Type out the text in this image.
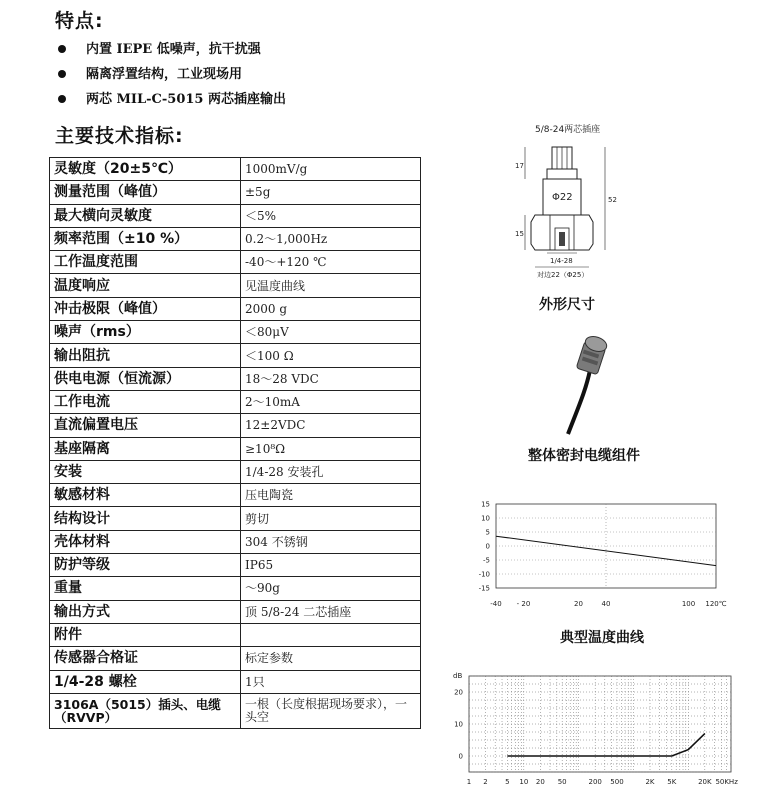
特点:
内置 IEPE 低噪声，抗干扰强
隔离浮置结构，工业现场用
两芯 MIL-C-5015 两芯插座输出
主要技术指标:
灵敏度（20±5℃）	1000mV/g
测量范围（峰值）	±5g
最大横向灵敏度	＜5%
频率范围（±10 %）	0.2～1,000Hz
工作温度范围	-40～+120 ℃
温度响应	见温度曲线
冲击极限（峰值）	2000 g
噪声（rms）	＜80μV
输出阻抗	＜100 Ω
供电电源（恒流源）	18～28 VDC
工作电流	2～10mA
直流偏置电压	12±2VDC
基座隔离	≥10⁸Ω
安装	1/4-28 安装孔
敏感材料	压电陶瓷
结构设计	剪切
壳体材料	304 不锈钢
防护等级	IP65
重量	～90g
输出方式	顶 5/8-24 二芯插座
附件	
传感器合格证	标定参数
1/4-28 螺栓	1只
3106A（5015）插头、电缆（RVVP）	一根（长度根据现场要求），一头空
5/8-24两芯插座
Φ22
17
15
52
1/4-28
对边22（Φ25）
外形尺寸
整体密封电缆组件
15
10
5
0
-5
-10
-15
-40 - 20	20	40	100 120℃
典型温度曲线
dB
20
10
0
1 2 5 10 20 50	200 500	2K 5K	20K 50KHz
